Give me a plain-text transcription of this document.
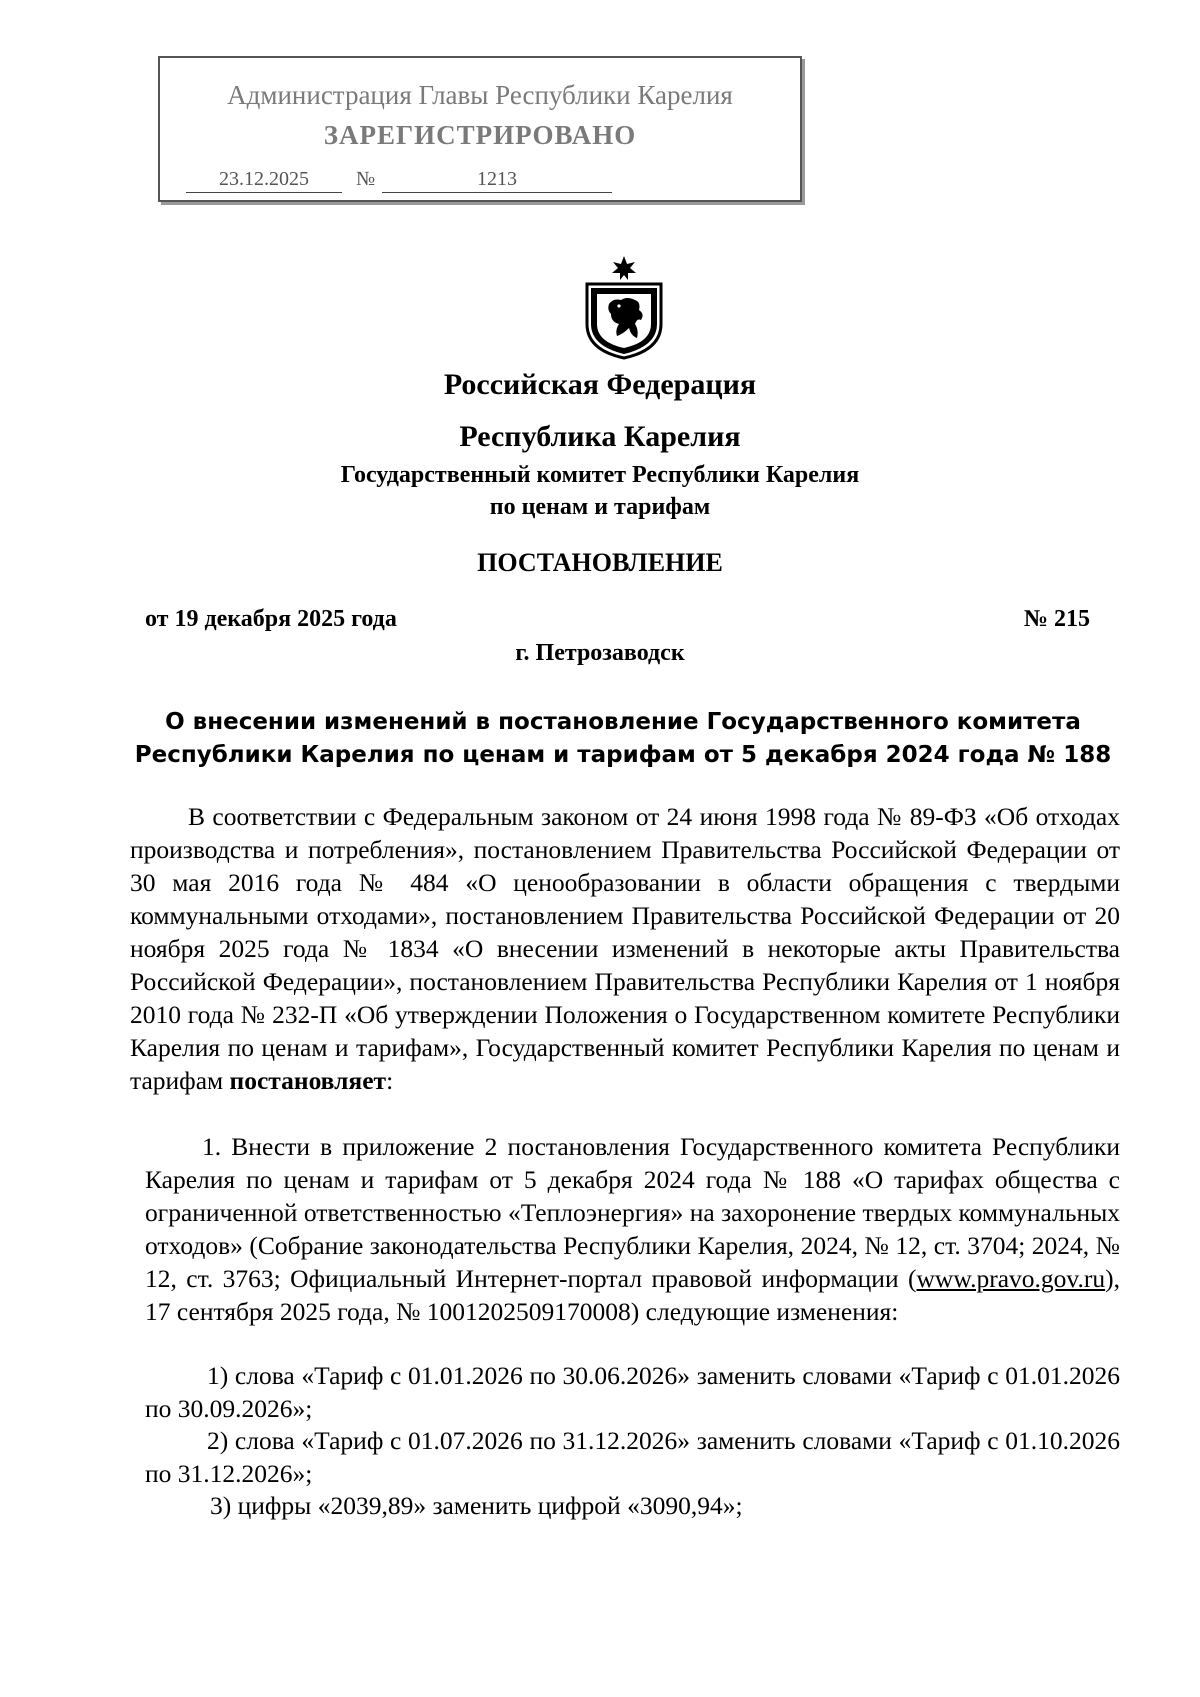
Администрация Главы Республики Карелия
ЗАРЕГИСТРИРОВАНО
23.12.2025	№	1213
Российская Федерация
Республика Карелия
Государственный комитет Республики Карелия
по ценам и тарифам
ПОСТАНОВЛЕНИЕ
от 19 декабря 2025 года	№ 215
г. Петрозаводск
О внесении изменений в постановление Государственного комитета
Республики Карелия по ценам и тарифам от 5 декабря 2024 года № 188
В соответствии с Федеральным законом от 24 июня 1998 года № 89-ФЗ «Об отходах производства и потребления», постановлением Правительства Российской Федерации от 30 мая 2016 года № 484 «О ценообразовании в области обращения с твердыми коммунальными отходами», постановлением Правительства Российской Федерации от 20 ноября 2025 года № 1834 «О внесении изменений в некоторые акты Правительства Российской Федерации», постановлением Правительства Республики Карелия от 1 ноября 2010 года № 232-П «Об утверждении Положения о Государственном комитете Республики Карелия по ценам и тарифам», Государственный комитет Республики Карелия по ценам и тарифам постановляет:
1. Внести в приложение 2 постановления Государственного комитета Республики Карелия по ценам и тарифам от 5 декабря 2024 года № 188 «О тарифах общества с ограниченной ответственностью «Теплоэнергия» на захоронение твердых коммунальных отходов» (Собрание законодательства Республики Карелия, 2024, № 12, ст. 3704; 2024, № 12, ст. 3763; Официальный Интернет-портал правовой информации (www.pravo.gov.ru), 17 сентября 2025 года, № 1001202509170008) следующие изменения:
1) слова «Тариф с 01.01.2026 по 30.06.2026» заменить словами «Тариф с 01.01.2026 по 30.09.2026»;
2) слова «Тариф с 01.07.2026 по 31.12.2026» заменить словами «Тариф с 01.10.2026 по 31.12.2026»;
3) цифры «2039,89» заменить цифрой «3090,94»;
